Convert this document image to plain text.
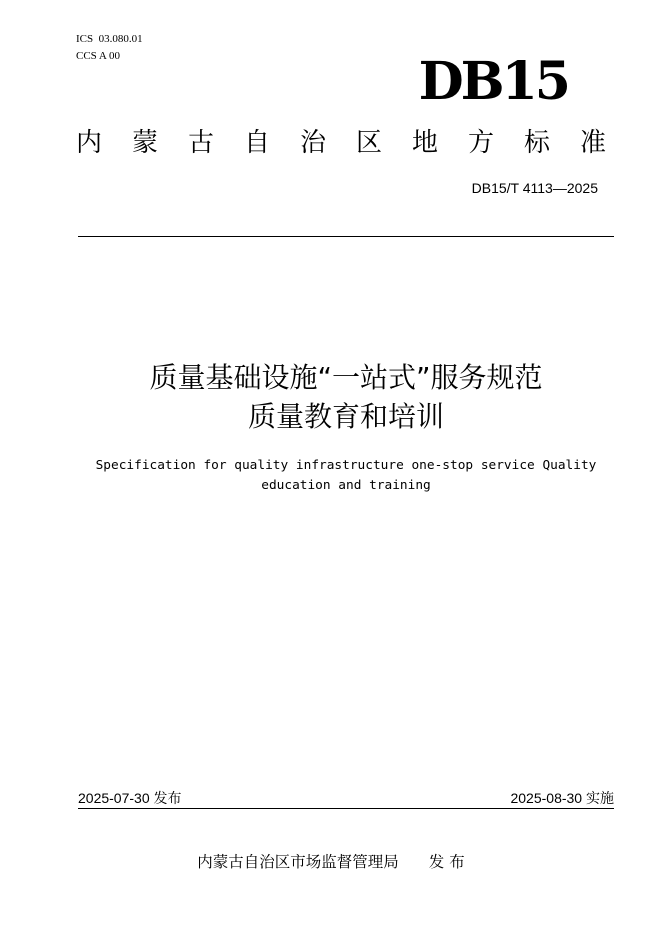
ICS  03.080.01
CCS A 00	DB15
内蒙古自治区地方标准
DB15/T 4113—2025
质量基础设施“一站式”服务规范
质量教育和培训
Specification for quality infrastructure one-stop service Quality education and training
2025-07-30 发布	2025-08-30 实施
内蒙古自治区市场监督管理局 发 布
